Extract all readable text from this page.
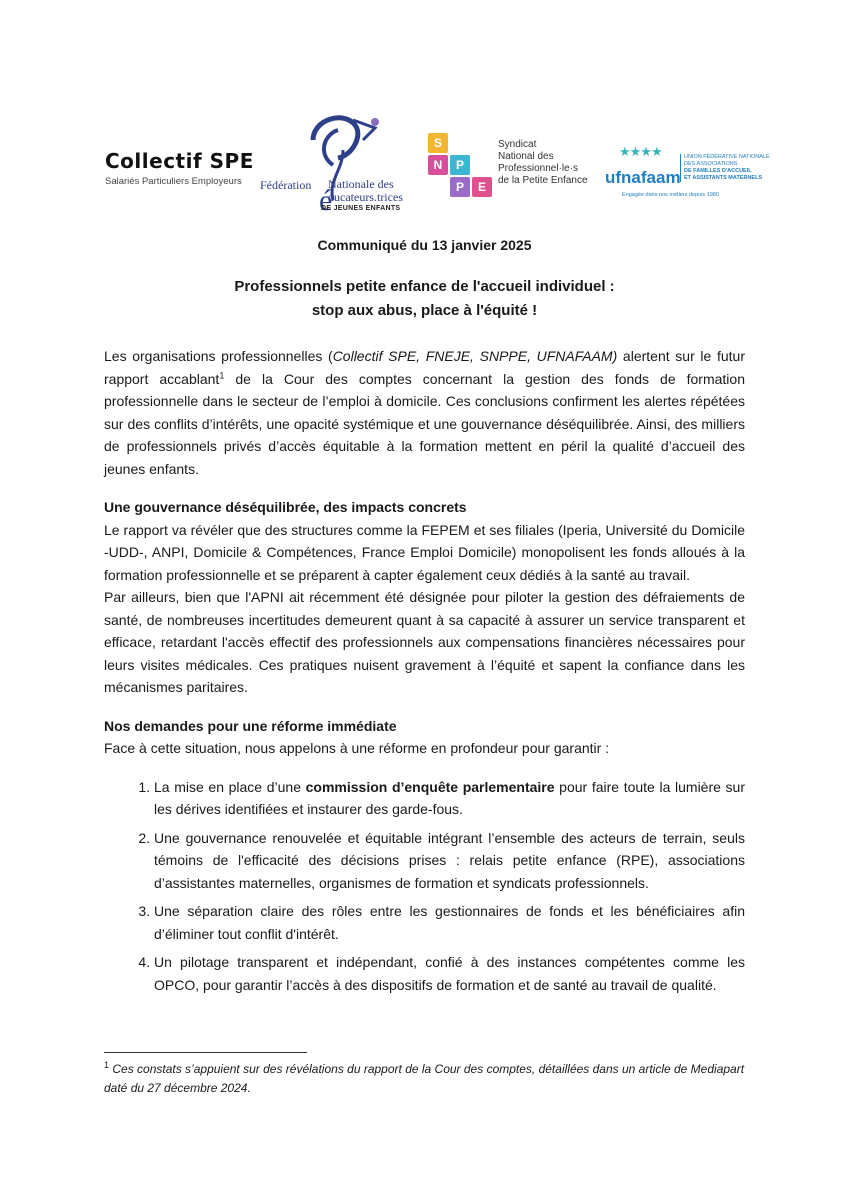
Collectif SPE
Salariés Particuliers Employeurs
é
Fédération Nationale des
ducateurs.trices
DE JEUNES ENFANTS
S
N	P
P	E
Syndicat
National des
Professionnel·le·s
de la Petite Enfance
★★★★
ufnafaam
UNION FÉDÉRATIVE NATIONALE
DES ASSOCIATIONS
DE FAMILLES D'ACCUEIL
ET ASSISTANTS MATERNELS
Engagée dans nos métiers depuis 1980
Communiqué du 13 janvier 2025
Professionnels petite enfance de l'accueil individuel :
stop aux abus, place à l'équité !

Les organisations professionnelles (Collectif SPE, FNEJE, SNPPE, UFNAFAAM) alertent sur le futur rapport accablant$^1$ de la Cour des comptes concernant la gestion des fonds de formation professionnelle dans le secteur de l’emploi à domicile. Ces conclusions confirment les alertes répétées sur des conflits d’intérêts, une opacité systémique et une gouvernance déséquilibrée. Ainsi, des milliers de professionnels privés d’accès équitable à la formation mettent en péril la qualité d’accueil des jeunes enfants.

Une gouvernance déséquilibrée, des impacts concrets

Le rapport va révéler que des structures comme la FEPEM et ses filiales (Iperia, Université du Domicile -UDD-, ANPI, Domicile & Compétences, France Emploi Domicile) monopolisent les fonds alloués à la formation professionnelle et se préparent à capter également ceux dédiés à la santé au travail.

Par ailleurs, bien que l'APNI ait récemment été désignée pour piloter la gestion des défraiements de santé, de nombreuses incertitudes demeurent quant à sa capacité à assurer un service transparent et efficace, retardant l'accès effectif des professionnels aux compensations financières nécessaires pour leurs visites médicales. Ces pratiques nuisent gravement à l’équité et sapent la confiance dans les mécanismes paritaires.

Nos demandes pour une réforme immédiate

Face à cette situation, nous appelons à une réforme en profondeur pour garantir :

1. La mise en place d’une commission d’enquête parlementaire pour faire toute la lumière sur les dérives identifiées et instaurer des garde-fous.
2. Une gouvernance renouvelée et équitable intégrant l’ensemble des acteurs de terrain, seuls témoins de l'efficacité des décisions prises : relais petite enfance (RPE), associations d’assistantes maternelles, organismes de formation et syndicats professionnels.
3. Une séparation claire des rôles entre les gestionnaires de fonds et les bénéficiaires afin d’éliminer tout conflit d'intérêt.
4. Un pilotage transparent et indépendant, confié à des instances compétentes comme les OPCO, pour garantir l’accès à des dispositifs de formation et de santé au travail de qualité.
$^1$ Ces constats s’appuient sur des révélations du rapport de la Cour des comptes, détaillées dans un article de Mediapart daté du 27 décembre 2024.
